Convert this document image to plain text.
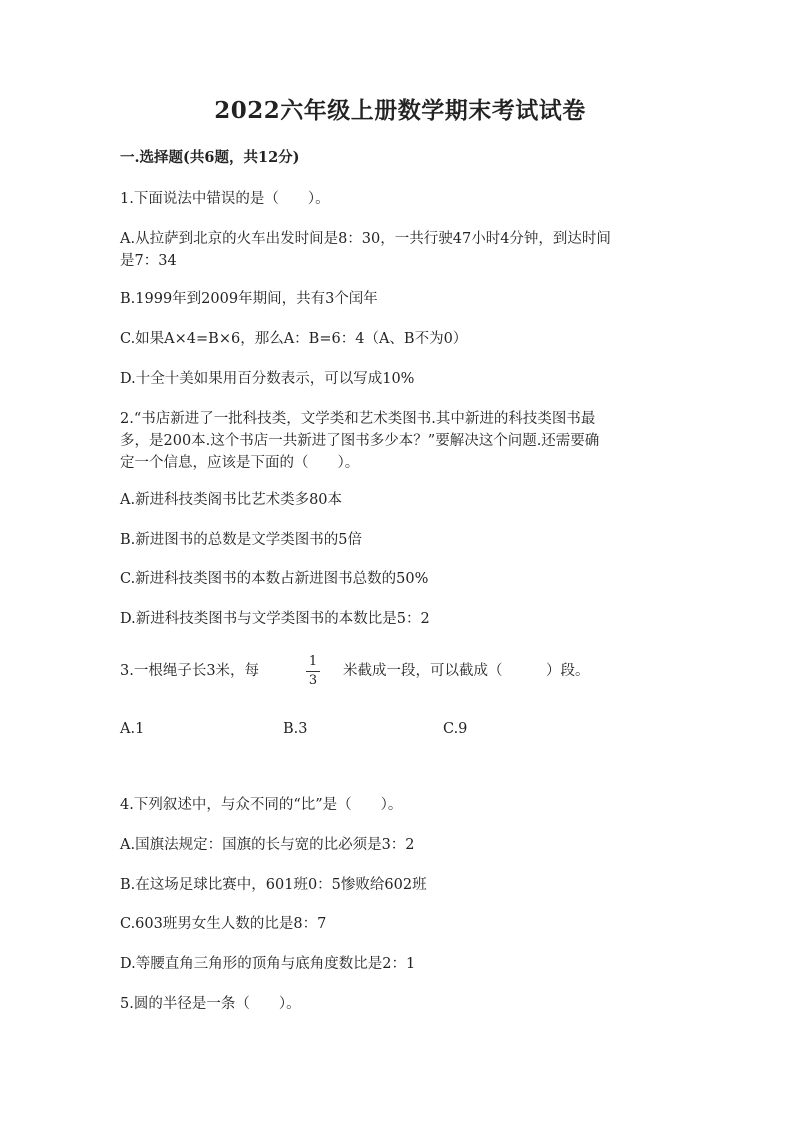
2022六年级上册数学期末考试试卷
一.选择题(共6题，共12分)
1.下面说法中错误的是（　　）。
A.从拉萨到北京的火车出发时间是8：30，一共行驶47小时4分钟，到达时间
是7：34
B.1999年到2009年期间，共有3个闰年
C.如果A×4=B×6，那么A：B=6：4（A、B不为0）
D.十全十美如果用百分数表示，可以写成10%
2.“书店新进了一批科技类，文学类和艺术类图书.其中新进的科技类图书最
多，是200本.这个书店一共新进了图书多少本？”要解决这个问题.还需要确
定一个信息，应该是下面的（　　）。
A.新进科技类阁书比艺术类多80本
B.新进图书的总数是文学类图书的5倍
C.新进科技类图书的本数占新进图书总数的50%
D.新进科技类图书与文学类图书的本数比是5：2
3.一根绳子长3米，每
1
3
米截成一段，可以截成（　　　）段。
A.1	B.3	C.9
4.下列叙述中，与众不同的“比”是（　　）。
A.国旗法规定：国旗的长与宽的比必须是3：2
B.在这场足球比赛中，601班0：5惨败给602班
C.603班男女生人数的比是8：7
D.等腰直角三角形的顶角与底角度数比是2：1
5.圆的半径是一条（　　）。
